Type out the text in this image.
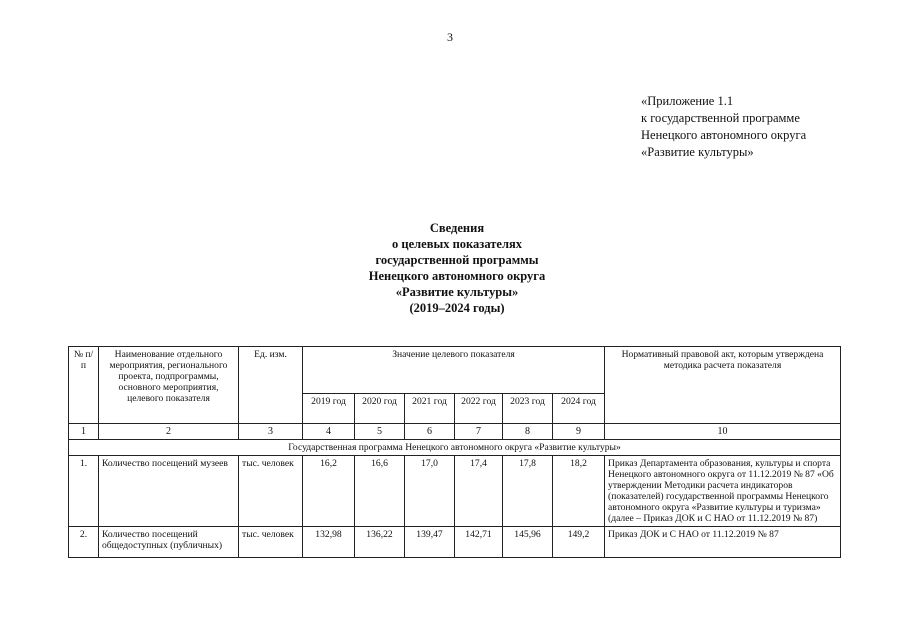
3
«Приложение 1.1
к государственной программе
Ненецкого автономного округа
«Развитие культуры»
Сведения
о целевых показателях
государственной программы
Ненецкого автономного округа
«Развитие культуры»
(2019–2024 годы)
№ п/п	Наименование отдельного мероприятия, регионального проекта, подпрограммы, основного мероприятия, целевого показателя	Ед. изм.	Значение целевого показателя						Нормативный правовой акт, которым утверждена методика расчета показателя
			2019 год	2020 год	2021 год	2022 год	2023 год	2024 год	
1	2	3	4	5	6	7	8	9	10
Государственная программа Ненецкого автономного округа «Развитие культуры»									
1.	Количество посещений музеев	тыс. человек	16,2	16,6	17,0	17,4	17,8	18,2	Приказ Департамента образования, культуры и спорта Ненецкого автономного округа от 11.12.2019 № 87 «Об утверждении Методики расчета индикаторов (показателей) государственной программы Ненецкого автономного округа «Развитие культуры и туризма» (далее – Приказ ДОК и С НАО от 11.12.2019 № 87)
2.	Количество посещений общедоступных (публичных)	тыс. человек	132,98	136,22	139,47	142,71	145,96	149,2	Приказ ДОК и С НАО от 11.12.2019 № 87
